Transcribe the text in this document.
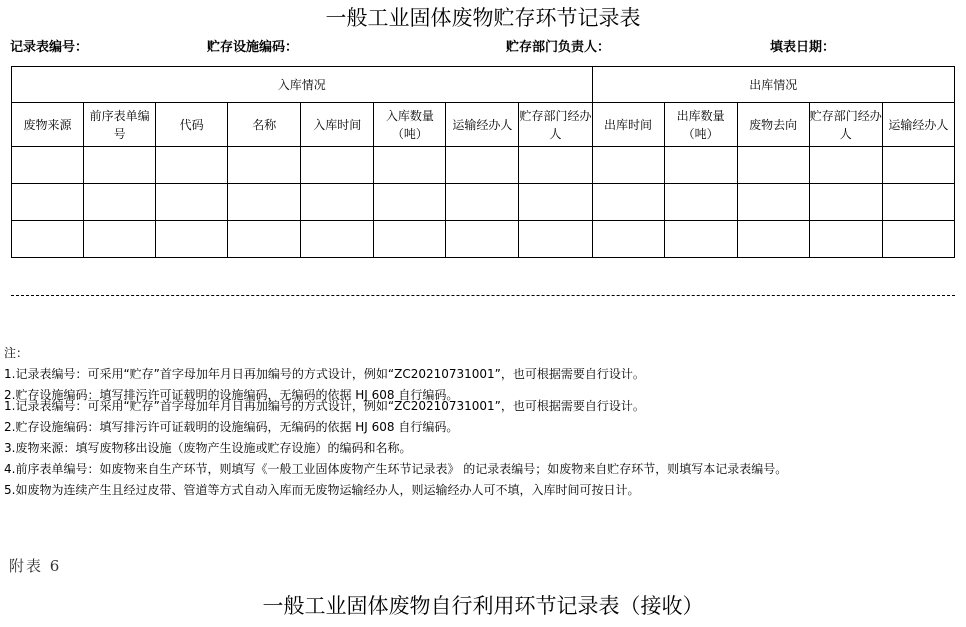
一般工业固体废物贮存环节记录表
记录表编号：	贮存设施编码：	贮存部门负责人：	填表日期：
入库情况								出库情况				
废物来源	前序表单编号	代码	名称	入库时间	入库数量（吨）	运输经办人	贮存部门经办人	出库时间	出库数量（吨）	废物去向	贮存部门经办人	运输经办人

注：
1.记录表编号：可采用“贮存”首字母加年月日再加编号的方式设计，例如“ZC20210731001”，也可根据需要自行设计。
2.贮存设施编码：填写排污许可证载明的设施编码，无编码的依据 HJ 608 自行编码。
1.记录表编号：可采用“贮存”首字母加年月日再加编号的方式设计，例如“ZC20210731001”，也可根据需要自行设计。
2.贮存设施编码：填写排污许可证载明的设施编码，无编码的依据 HJ 608 自行编码。
3.废物来源：填写废物移出设施（废物产生设施或贮存设施）的编码和名称。
4.前序表单编号：如废物来自生产环节，则填写《一般工业固体废物产生环节记录表》 的记录表编号；如废物来自贮存环节，则填写本记录表编号。
5.如废物为连续产生且经过皮带、管道等方式自动入库而无废物运输经办人，则运输经办人可不填，入库时间可按日计。
附表 6
一般工业固体废物自行利用环节记录表（接收）
